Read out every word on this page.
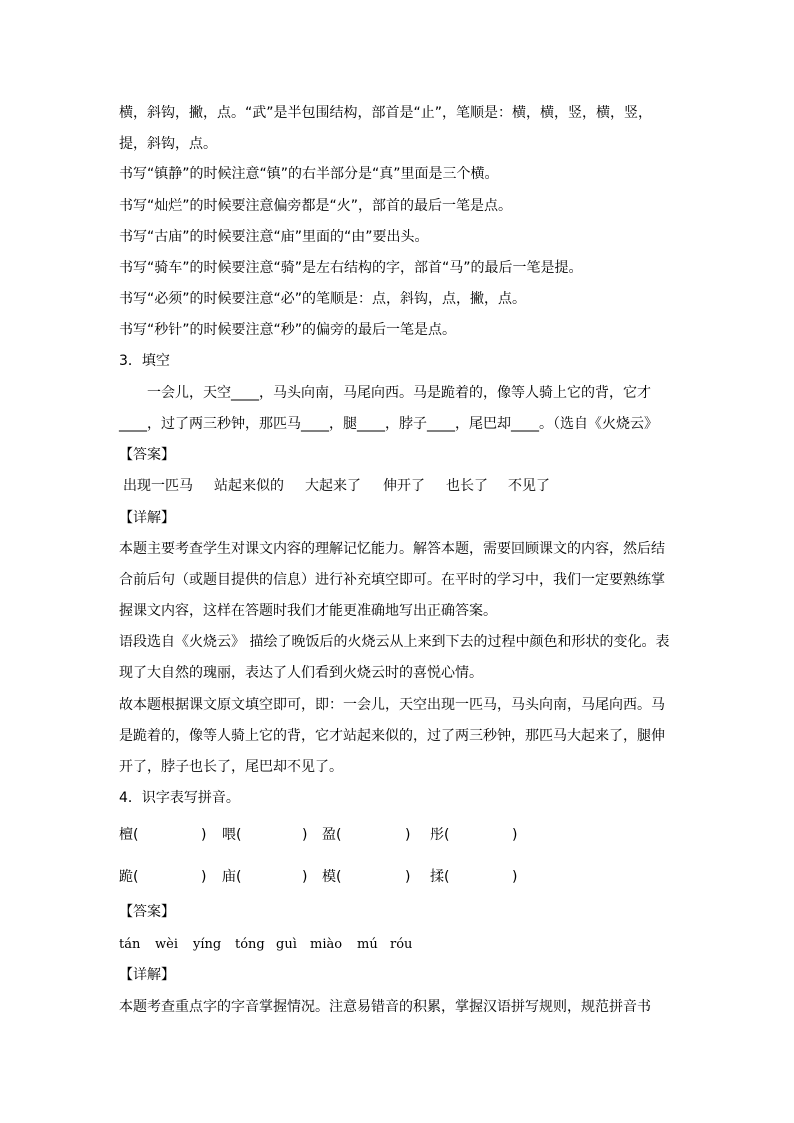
横，斜钩，撇，点。“武”是半包围结构，部首是“止”，笔顺是：横，横，竖，横，竖，
提，斜钩，点。
书写“镇静”的时候注意“镇”的右半部分是“真”里面是三个横。
书写“灿烂”的时候要注意偏旁都是“火”，部首的最后一笔是点。
书写“古庙”的时候要注意“庙”里面的“由”要出头。
书写“骑车”的时候要注意“骑”是左右结构的字，部首“马”的最后一笔是提。
书写“必须”的时候要注意“必”的笔顺是：点，斜钩，点，撇，点。
书写“秒针”的时候要注意“秒”的偏旁的最后一笔是点。
3．填空
一会儿，天空____，马头向南，马尾向西。马是跪着的，像等人骑上它的背，它才
____，过了两三秒钟，那匹马____，腿____，脖子____，尾巴却____。（选自《火烧云》
【答案】
出现一匹马 站起来似的 大起来了 伸开了 也长了 不见了
【详解】
本题主要考查学生对课文内容的理解记忆能力。解答本题，需要回顾课文的内容，然后结
合前后句（或题目提供的信息）进行补充填空即可。在平时的学习中，我们一定要熟练掌
握课文内容，这样在答题时我们才能更准确地写出正确答案。
语段选自《火烧云》 描绘了晚饭后的火烧云从上来到下去的过程中颜色和形状的变化。表
现了大自然的瑰丽，表达了人们看到火烧云时的喜悦心情。
故本题根据课文原文填空即可，即：一会儿，天空出现一匹马，马头向南，马尾向西。马
是跪着的，像等人骑上它的背，它才站起来似的，过了两三秒钟，那匹马大起来了，腿伸
开了，脖子也长了，尾巴却不见了。
4．识字表写拼音。
檀 (	) 喂 (	) 盈 (	) 彤 (	)
跪 (	) 庙 (	) 模 (	) 揉 (	)
【答案】
tán wèi yíng tóng guì miào mú róu
【详解】
本题考查重点字的字音掌握情况。注意易错音的积累，掌握汉语拼写规则，规范拼音书
